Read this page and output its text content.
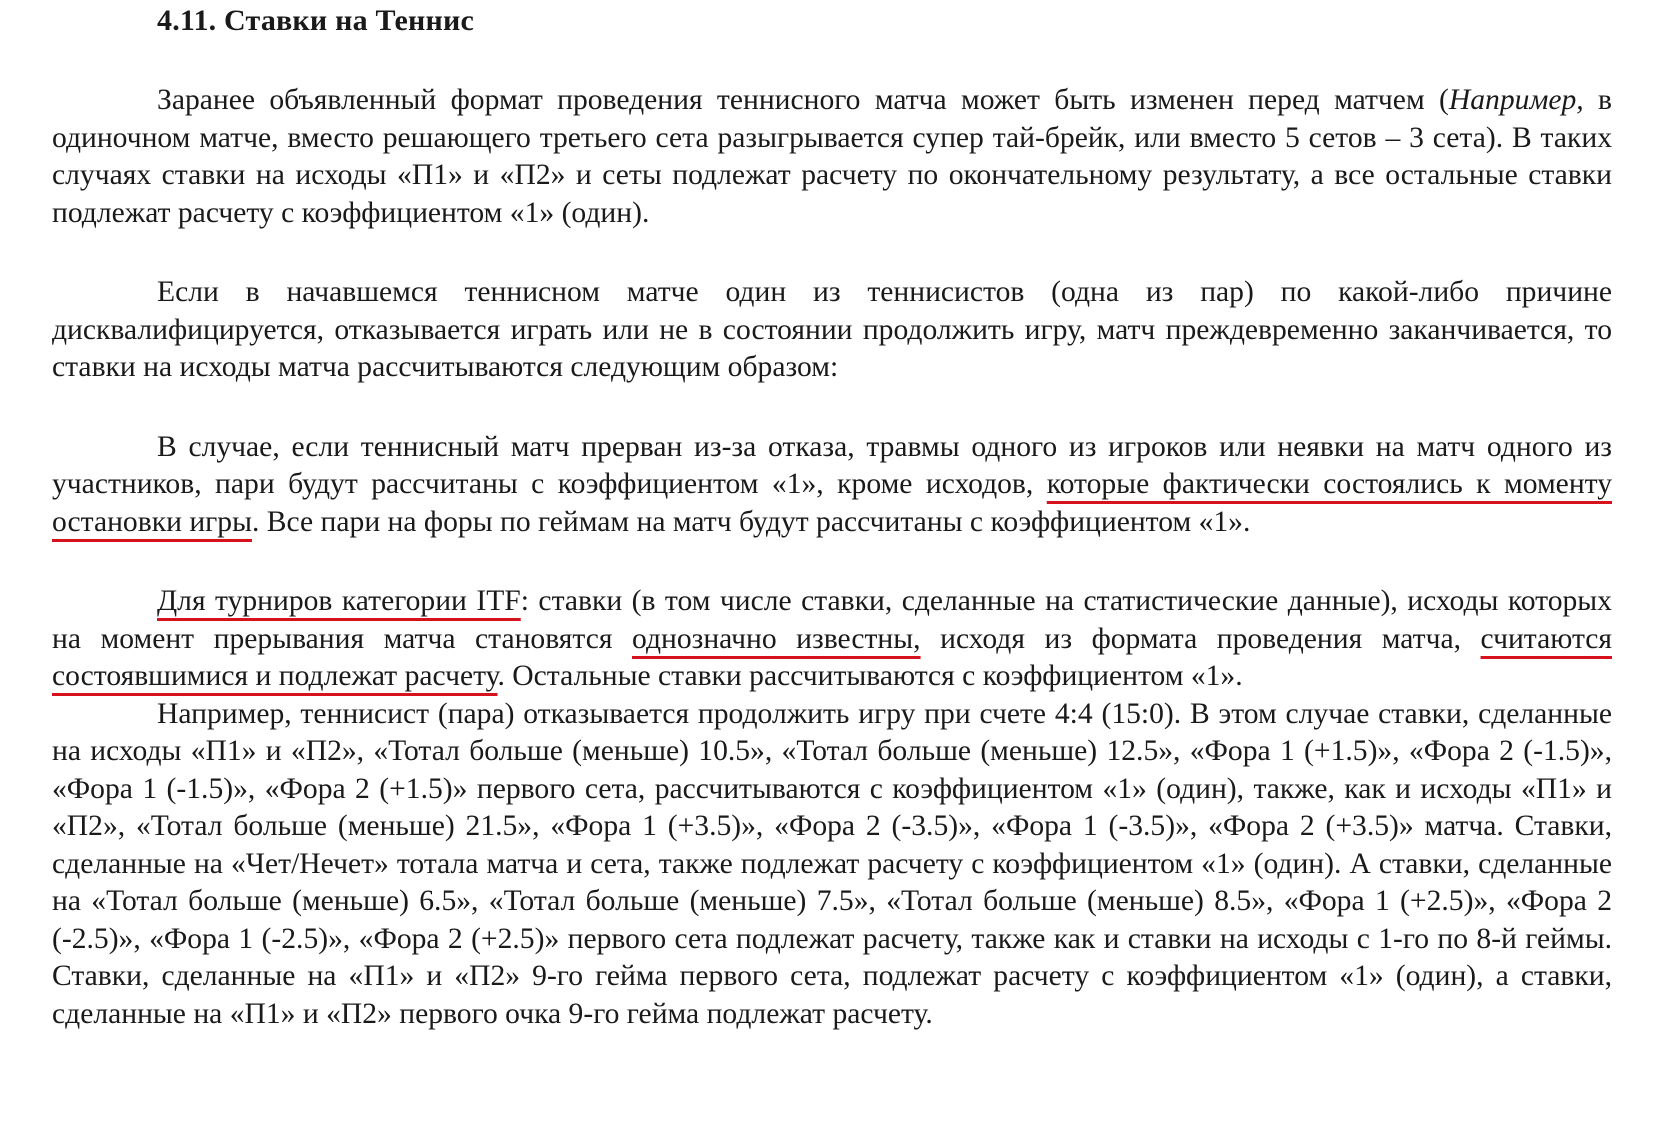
4.11. Ставки на Теннис

Заранее объявленный формат проведения теннисного матча может быть изменен перед матчем (Например, в одиночном матче, вместо решающего третьего сета разыгрывается супер тай-брейк, или вместо 5 сетов – 3 сета). В таких случаях ставки на исходы «П1» и «П2» и сеты подлежат расчету по окончательному результату, а все остальные ставки подлежат расчету с коэффициентом «1» (один).

Если в начавшемся теннисном матче один из теннисистов (одна из пар) по какой-либо причине дисквалифицируется, отказывается играть или не в состоянии продолжить игру, матч преждевременно заканчивается, то ставки на исходы матча рассчитываются следующим образом:

В случае, если теннисный матч прерван из-за отказа, травмы одного из игроков или неявки на матч одного из участников, пари будут рассчитаны с коэффициентом «1», кроме исходов, которые фактически состоялись к моменту остановки игры. Все пари на форы по геймам на матч будут рассчитаны с коэффициентом «1».

Для турниров категории ITF: ставки (в том числе ставки, сделанные на статистические данные), исходы которых на момент прерывания матча становятся однозначно известны, исходя из формата проведения матча, считаются состоявшимися и подлежат расчету. Остальные ставки рассчитываются с коэффициентом «1».

Например, теннисист (пара) отказывается продолжить игру при счете 4:4 (15:0). В этом случае ставки, сделанные на исходы «П1» и «П2», «Тотал больше (меньше) 10.5», «Тотал больше (меньше) 12.5», «Фора 1 (+1.5)», «Фора 2 (-1.5)», «Фора 1 (-1.5)», «Фора 2 (+1.5)» первого сета, рассчитываются с коэффициентом «1» (один), также, как и исходы «П1» и «П2», «Тотал больше (меньше) 21.5», «Фора 1 (+3.5)», «Фора 2 (-3.5)», «Фора 1 (-3.5)», «Фора 2 (+3.5)» матча. Ставки, сделанные на «Чет/Нечет» тотала матча и сета, также подлежат расчету с коэффициентом «1» (один). А ставки, сделанные на «Тотал больше (меньше) 6.5», «Тотал больше (меньше) 7.5», «Тотал больше (меньше) 8.5», «Фора 1 (+2.5)», «Фора 2 (-2.5)», «Фора 1 (-2.5)», «Фора 2 (+2.5)» первого сета подлежат расчету, также как и ставки на исходы с 1-го по 8-й геймы. Ставки, сделанные на «П1» и «П2» 9-го гейма первого сета, подлежат расчету с коэффициентом «1» (один), а ставки, сделанные на «П1» и «П2» первого очка 9-го гейма подлежат расчету.
